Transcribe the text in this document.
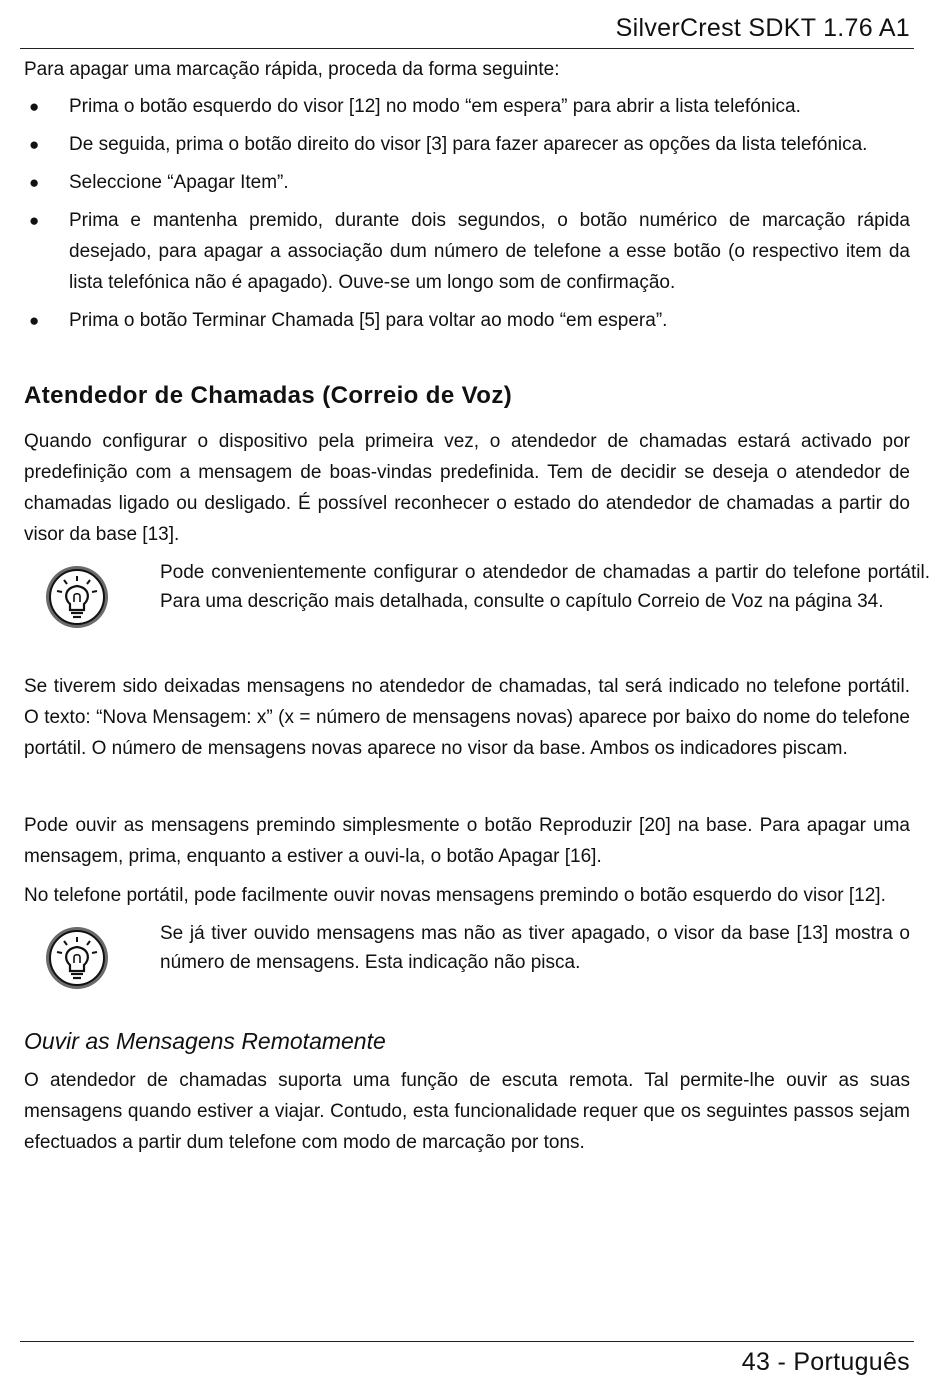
SilverCrest SDKT 1.76 A1

Para apagar uma marcação rápida, proceda da forma seguinte:

● Prima o botão esquerdo do visor [12] no modo “em espera” para abrir a lista telefónica.
● De seguida, prima o botão direito do visor [3] para fazer aparecer as opções da lista telefónica.
● Seleccione “Apagar Item”.
● Prima e mantenha premido, durante dois segundos, o botão numérico de marcação rápida desejado, para apagar a associação dum número de telefone a esse botão (o respectivo item da lista telefónica não é apagado). Ouve-se um longo som de confirmação.
● Prima o botão Terminar Chamada [5] para voltar ao modo “em espera”.
Atendedor de Chamadas (Correio de Voz)

Quando configurar o dispositivo pela primeira vez, o atendedor de chamadas estará activado por predefinição com a mensagem de boas-vindas predefinida. Tem de decidir se deseja o atendedor de chamadas ligado ou desligado. É possível reconhecer o estado do atendedor de chamadas a partir do visor da base [13].

Pode convenientemente configurar o atendedor de chamadas a partir do telefone portátil. Para uma descrição mais detalhada, consulte o capítulo Correio de Voz na página 34.

Se tiverem sido deixadas mensagens no atendedor de chamadas, tal será indicado no telefone portátil. O texto: “Nova Mensagem: x” (x = número de mensagens novas) aparece por baixo do nome do telefone portátil. O número de mensagens novas aparece no visor da base. Ambos os indicadores piscam.

Pode ouvir as mensagens premindo simplesmente o botão Reproduzir [20] na base. Para apagar uma mensagem, prima, enquanto a estiver a ouvi-la, o botão Apagar [16].

No telefone portátil, pode facilmente ouvir novas mensagens premindo o botão esquerdo do visor [12].

Se já tiver ouvido mensagens mas não as tiver apagado, o visor da base [13] mostra o número de mensagens. Esta indicação não pisca.
Ouvir as Mensagens Remotamente

O atendedor de chamadas suporta uma função de escuta remota. Tal permite-lhe ouvir as suas mensagens quando estiver a viajar. Contudo, esta funcionalidade requer que os seguintes passos sejam efectuados a partir dum telefone com modo de marcação por tons.

43 - Português
